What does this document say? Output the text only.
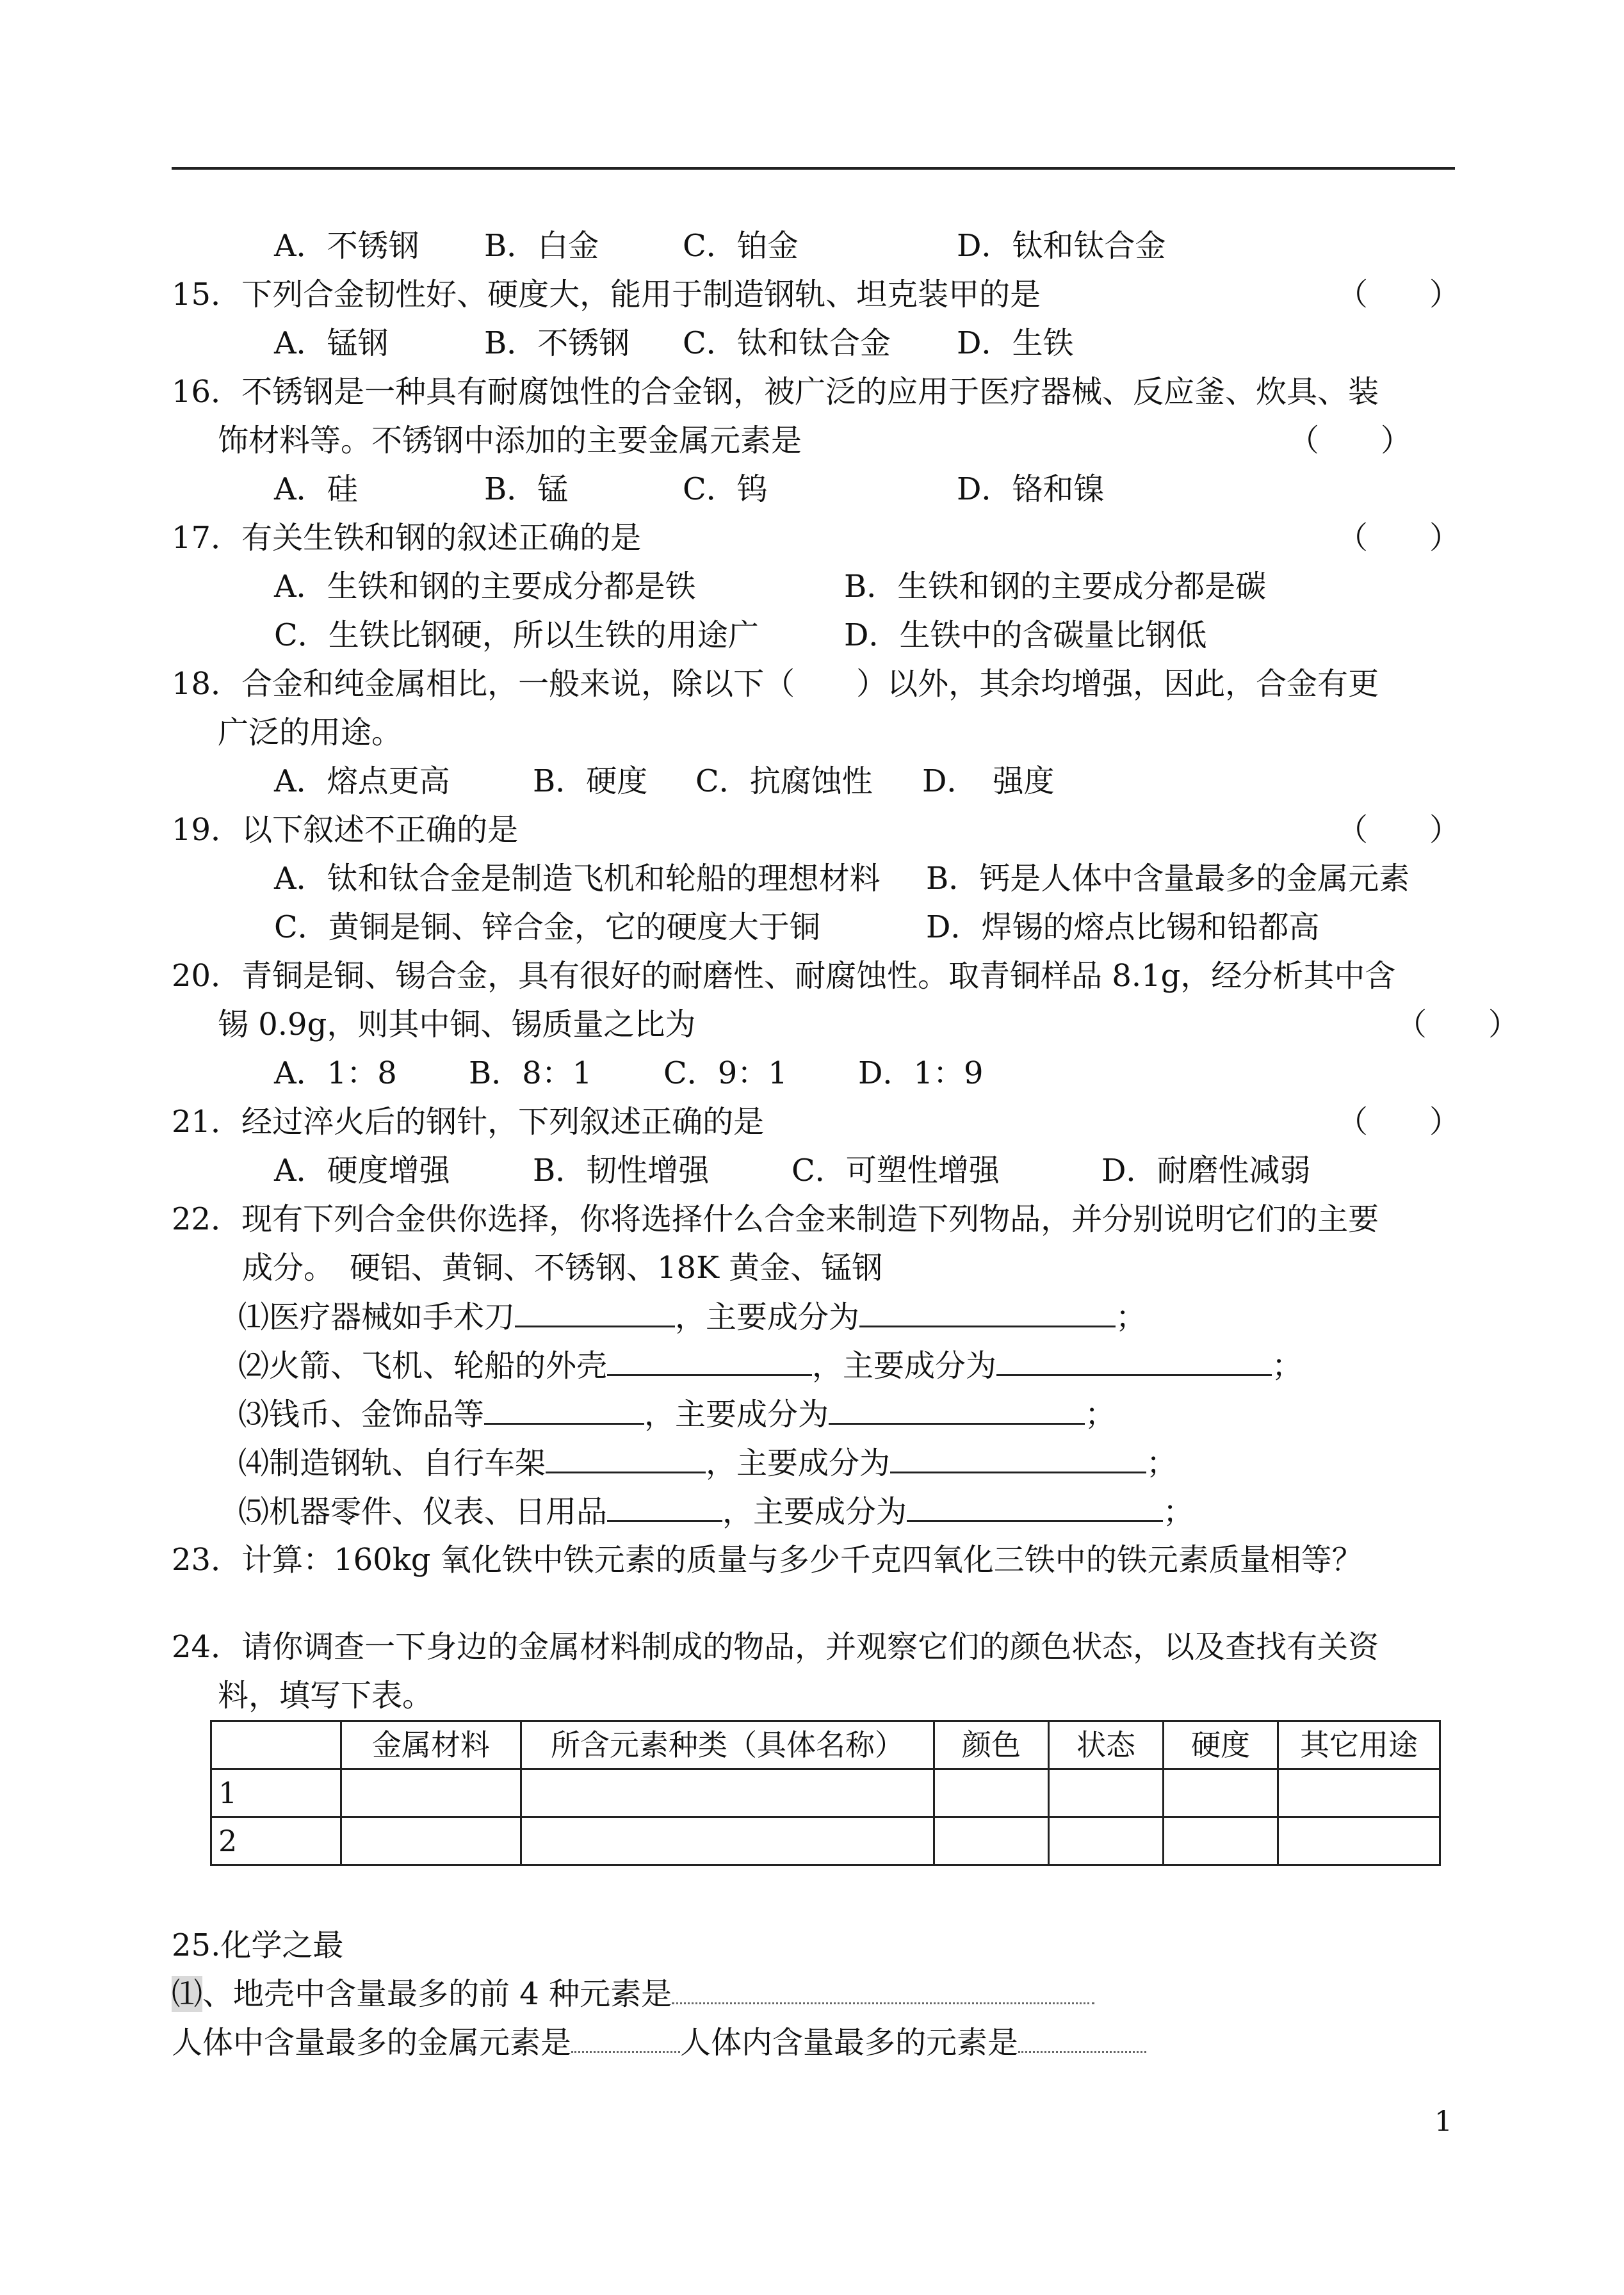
A．不锈钢 B．白金	C．铂金	D．钛和钛合金
15．下列合金韧性好、硬度大，能用于制造钢轨、坦克装甲的是	（　　）
A．锰钢	B．不锈钢 C．钛和钛合金 D．生铁
16．不锈钢是一种具有耐腐蚀性的合金钢，被广泛的应用于医疗器械、反应釜、炊具、装
饰材料等。不锈钢中添加的主要金属元素是	（　　）
A．硅	B．锰	C．钨	D．铬和镍
17．有关生铁和钢的叙述正确的是	（　　）
A．生铁和钢的主要成分都是铁	B．生铁和钢的主要成分都是碳
C．生铁比钢硬，所以生铁的用途广	D．生铁中的含碳量比钢低
18．合金和纯金属相比，一般来说，除以下（　　）以外，其余均增强，因此，合金有更
广泛的用途。
A．熔点更高	B．硬度 C．抗腐蚀性 D．　强度
19．以下叙述不正确的是	（　　）
A．钛和钛合金是制造飞机和轮船的理想材料 B．钙是人体中含量最多的金属元素
C．黄铜是铜、锌合金，它的硬度大于铜	D．焊锡的熔点比锡和铅都高
20．青铜是铜、锡合金，具有很好的耐磨性、耐腐蚀性。取青铜样品 8.1g，经分析其中含
锡 0.9g，则其中铜、锡质量之比为	（　　）
A．1：8 B．8：1 C．9：1 D．1：9
21．经过淬火后的钢针，下列叙述正确的是	（　　）
A．硬度增强	B．韧性增强	C．可塑性增强	D．耐磨性减弱
22．现有下列合金供你选择，你将选择什么合金来制造下列物品，并分别说明它们的主要
成分。　硬铝、黄铜、不锈钢、18K 黄金、锰钢
⑴医疗器械如手术刀	，主要成分为	；
⑵火箭、飞机、轮船的外壳	，主要成分为	；
⑶钱币、金饰品等	，主要成分为	；
⑷制造钢轨、自行车架	，主要成分为	；
⑸机器零件、仪表、日用品	，主要成分为	；
23．计算：160kg 氧化铁中铁元素的质量与多少千克四氧化三铁中的铁元素质量相等？
24．请你调查一下身边的金属材料制成的物品，并观察它们的颜色状态，以及查找有关资
料，填写下表。
	金属材料	所含元素种类（具体名称）	颜色	状态	硬度	其它用途
1						
2						
25.化学之最
⑴、地壳中含量最多的前 4 种元素是
人体中含量最多的金属元素是	人体内含量最多的元素是
1
